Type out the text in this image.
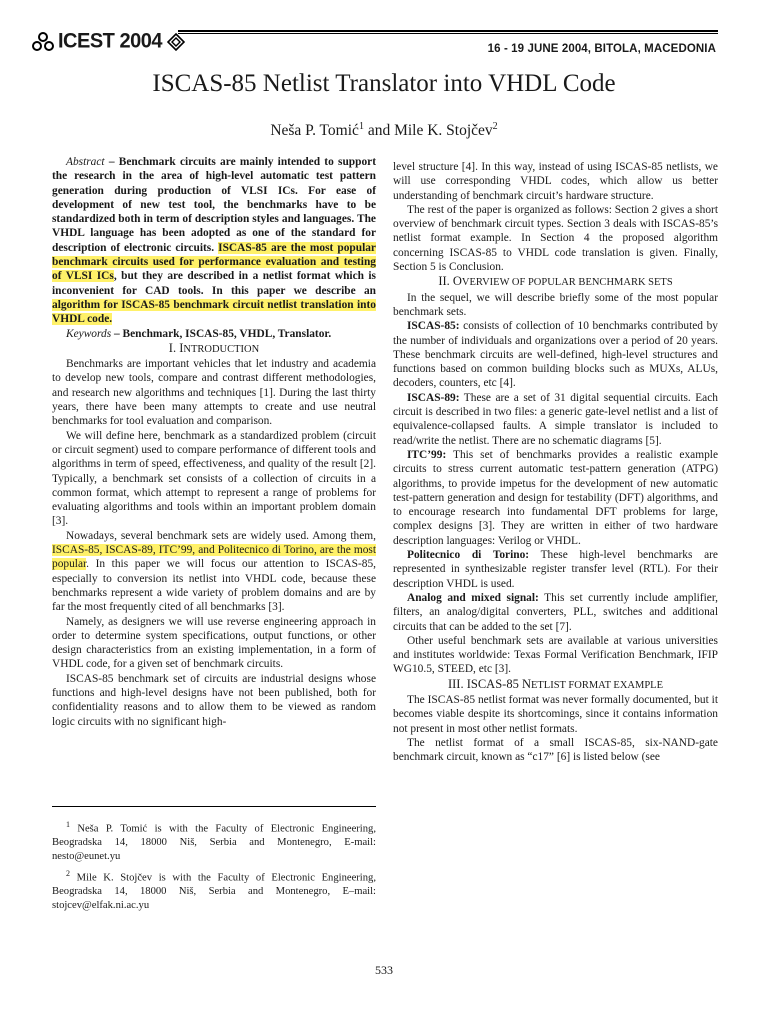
ICEST 2004	16 - 19 JUNE 2004, BITOLA, MACEDONIA
ISCAS-85 Netlist Translator into VHDL Code
Neša P. Tomić$^1$ and Mile K. Stojčev$^2$

Abstract – Benchmark circuits are mainly intended to support the research in the area of high-level automatic test pattern generation during production of VLSI ICs. For ease of development of new test tool, the benchmarks have to be standardized both in term of description styles and languages. The VHDL language has been adopted as one of the standard for description of electronic circuits. ISCAS-85 are the most popular benchmark circuits used for performance evaluation and testing of VLSI ICs, but they are described in a netlist format which is inconvenient for CAD tools. In this paper we describe an algorithm for ISCAS-85 benchmark circuit netlist translation into VHDL code.

Keywords – Benchmark, ISCAS-85, VHDL, Translator.

I. INTRODUCTION

Benchmarks are important vehicles that let industry and academia to develop new tools, compare and contrast different methodologies, and research new algorithms and techniques [1]. During the last thirty years, there have been many attempts to create and use neutral benchmarks for tool evaluation and comparison.

We will define here, benchmark as a standardized problem (circuit or circuit segment) used to compare performance of different tools and algorithms in term of speed, effectiveness, and quality of the result [2]. Typically, a benchmark set consists of a collection of circuits in a common format, which attempt to represent a range of problems for evaluating algorithms and tools within an important problem domain [3].

Nowadays, several benchmark sets are widely used. Among them, ISCAS-85, ISCAS-89, ITC’99, and Politecnico di Torino, are the most popular. In this paper we will focus our attention to ISCAS-85, especially to conversion its netlist into VHDL code, because these benchmarks represent a wide variety of problem domains and are by far the most frequently cited of all benchmarks [3].

Namely, as designers we will use reverse engineering approach in order to determine system specifications, output functions, or other design characteristics from an existing implementation, in a form of VHDL code, for a given set of benchmark circuits.

ISCAS-85 benchmark set of circuits are industrial designs whose functions and high-level designs have not been published, both for confidentiality reasons and to allow them to be viewed as random logic circuits with no significant high-

$^1$ Neša P. Tomić is with the Faculty of Electronic Engineering, Beogradska 14, 18000 Niš, Serbia and Montenegro, E-mail: nesto@eunet.yu

$^2$ Mile K. Stojčev is with the Faculty of Electronic Engineering, Beogradska 14, 18000 Niš, Serbia and Montenegro, E–mail: stojcev@elfak.ni.ac.yu

level structure [4]. In this way, instead of using ISCAS-85 netlists, we will use corresponding VHDL codes, which allow us better understanding of benchmark circuit’s hardware structure.

The rest of the paper is organized as follows: Section 2 gives a short overview of benchmark circuit types. Section 3 deals with ISCAS-85’s netlist format example. In Section 4 the proposed algorithm concerning ISCAS-85 to VHDL code translation is given. Finally, Section 5 is Conclusion.

II. OVERVIEW OF POPULAR BENCHMARK SETS

In the sequel, we will describe briefly some of the most popular benchmark sets.

ISCAS-85: consists of collection of 10 benchmarks contributed by the number of individuals and organizations over a period of 20 years. These benchmark circuits are well-defined, high-level structures and functions based on common building blocks such as MUXs, ALUs, decoders, counters, etc [4].

ISCAS-89: These are a set of 31 digital sequential circuits. Each circuit is described in two files: a generic gate-level netlist and a list of equivalence-collapsed faults. A simple translator is included to read/write the netlist. There are no schematic diagrams [5].

ITC’99: This set of benchmarks provides a realistic example circuits to stress current automatic test-pattern generation (ATPG) algorithms, to provide impetus for the development of new automatic test-pattern generation and design for testability (DFT) algorithms, and to encourage research into fundamental DFT problems for large, complex designs [3]. They are written in either of two hardware description languages: Verilog or VHDL.

Politecnico di Torino: These high-level benchmarks are represented in synthesizable register transfer level (RTL). For their description VHDL is used.

Analog and mixed signal: This set currently include amplifier, filters, an analog/digital converters, PLL, switches and additional circuits that can be added to the set [7].

Other useful benchmark sets are available at various universities and institutes worldwide: Texas Formal Verification Benchmark, IFIP WG10.5, STEED, etc [3].

III. ISCAS-85 NETLIST FORMAT EXAMPLE

The ISCAS-85 netlist format was never formally documented, but it becomes viable despite its shortcomings, since it contains information not present in most other netlist formats.

The netlist format of a small ISCAS-85, six-NAND-gate benchmark circuit, known as “c17” [6] is listed below (see

533
